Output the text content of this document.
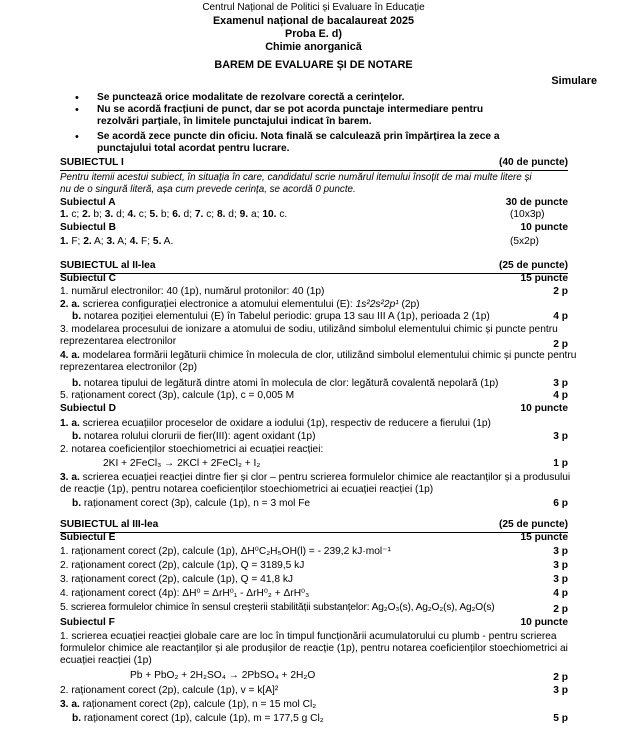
Centrul Național de Politici și Evaluare în Educație
Examenul național de bacalaureat 2025
Proba E. d)
Chimie anorganică
BAREM DE EVALUARE ȘI DE NOTARE
Simulare
• Se punctează orice modalitate de rezolvare corectă a cerințelor.
• Nu se acordă fracțiuni de punct, dar se pot acorda punctaje intermediare pentru
rezolvări parțiale, în limitele punctajului indicat în barem.
• Se acordă zece puncte din oficiu. Nota finală se calculează prin împărțirea la zece a
punctajului total acordat pentru lucrare.
SUBIECTUL I	(40 de puncte)
Pentru itemii acestui subiect, în situația în care, candidatul scrie numărul itemului însoțit de mai multe litere și
nu de o singură literă, așa cum prevede cerința, se acordă 0 puncte.
Subiectul A	30 de puncte
1. c; 2. b; 3. d; 4. c; 5. b; 6. d; 7. c; 8. d; 9. a; 10. c.	(10x3p)
Subiectul B	10 puncte
1. F; 2. A; 3. A; 4. F; 5. A.	(5x2p)
SUBIECTUL al II-lea	(25 de puncte)
Subiectul C	15 puncte
1. numărul electronilor: 40 (1p), numărul protonilor: 40 (1p)	2 p
2. a. scrierea configurației electronice a atomului elementului (E): 1s²2s²2p¹ (2p)
b. notarea poziției elementului (E) în Tabelul periodic: grupa 13 sau III A (1p), perioada 2 (1p)	4 p
3. modelarea procesului de ionizare a atomului de sodiu, utilizând simbolul elementului chimic și puncte pentru
reprezentarea electronilor	2 p
4. a. modelarea formării legăturii chimice în molecula de clor, utilizând simbolul elementului chimic și puncte pentru
reprezentarea electronilor (2p)
b. notarea tipului de legătură dintre atomi în molecula de clor: legătură covalentă nepolară (1p)	3 p
5. raționament corect (3p), calcule (1p), c = 0,005 M	4 p
Subiectul D	10 puncte
1. a. scrierea ecuațiilor proceselor de oxidare a iodului (1p), respectiv de reducere a fierului (1p)
b. notarea rolului clorurii de fier(III): agent oxidant (1p)	3 p
2. notarea coeficienților stoechiometrici ai ecuației reacției:
2KI + 2FeCl₃ → 2KCl + 2FeCl₂ + I₂	1 p
3. a. scrierea ecuației reacției dintre fier și clor – pentru scrierea formulelor chimice ale reactanților și a produsului
de reacție (1p), pentru notarea coeficienților stoechiometrici ai ecuației reacției (1p)
b. raționament corect (3p), calcule (1p), n = 3 mol Fe	6 p
SUBIECTUL al III-lea	(25 de puncte)
Subiectul E	15 puncte
1. raționament corect (2p), calcule (1p), ΔH⁰C₂H₅OH(l) = - 239,2 kJ·mol⁻¹	3 p
2. raționament corect (2p), calcule (1p), Q = 3189,5 kJ	3 p
3. raționament corect (2p), calcule (1p), Q = 41,8 kJ	3 p
4. raționament corect (4p): ΔH⁰ = ΔrH⁰₁ - ΔrH⁰₂ + ΔrH⁰₃	4 p
5. scrierea formulelor chimice în sensul creșterii stabilității substanțelor: Ag₂O₃(s), Ag₂O₂(s), Ag₂O(s)	2 p
Subiectul F	10 puncte
1. scrierea ecuației reacției globale care are loc în timpul funcționării acumulatorului cu plumb - pentru scrierea
formulelor chimice ale reactanților și ale produșilor de reacție (1p), pentru notarea coeficienților stoechiometrici ai
ecuației reacției (1p)
Pb + PbO₂ + 2H₂SO₄ → 2PbSO₄ + 2H₂O	2 p
2. raționament corect (2p), calcule (1p), v = k[A]²	3 p
3. a. raționament corect (2p), calcule (1p), n = 15 mol Cl₂
b. raționament corect (1p), calcule (1p), m = 177,5 g Cl₂	5 p
